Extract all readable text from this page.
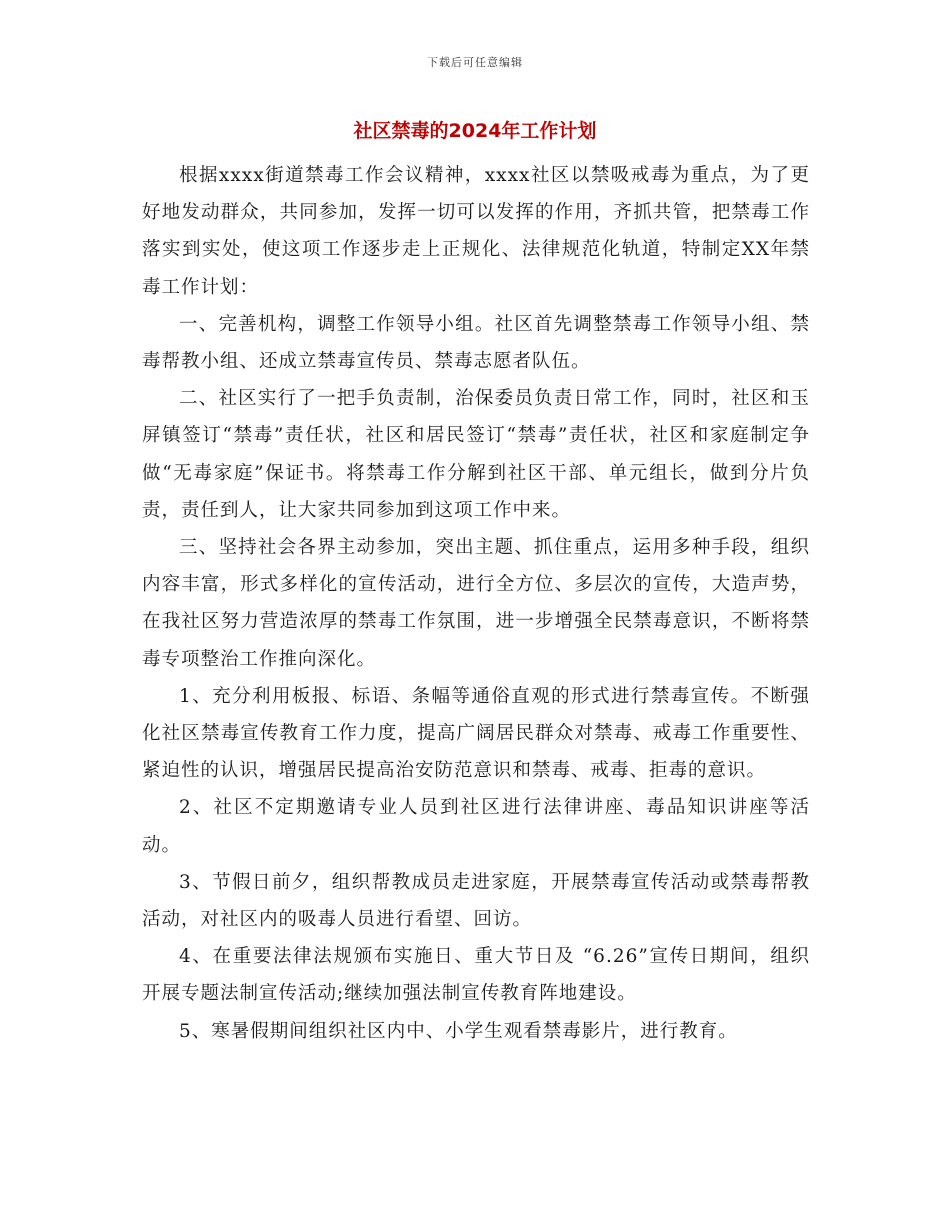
下载后可任意编辑
社区禁毒的2024年工作计划

根据xxxx街道禁毒工作会议精神，xxxx社区以禁吸戒毒为重点，为了更好地发动群众，共同参加，发挥一切可以发挥的作用，齐抓共管，把禁毒工作落实到实处，使这项工作逐步走上正规化、法律规范化轨道，特制定XX年禁毒工作计划：

一、完善机构，调整工作领导小组。社区首先调整禁毒工作领导小组、禁毒帮教小组、还成立禁毒宣传员、禁毒志愿者队伍。

二、社区实行了一把手负责制，治保委员负责日常工作，同时，社区和玉屏镇签订“禁毒”责任状，社区和居民签订“禁毒”责任状，社区和家庭制定争做“无毒家庭”保证书。将禁毒工作分解到社区干部、单元组长，做到分片负责，责任到人，让大家共同参加到这项工作中来。

三、坚持社会各界主动参加，突出主题、抓住重点，运用多种手段，组织内容丰富，形式多样化的宣传活动，进行全方位、多层次的宣传，大造声势，在我社区努力营造浓厚的禁毒工作氛围，进一步增强全民禁毒意识，不断将禁毒专项整治工作推向深化。

1、充分利用板报、标语、条幅等通俗直观的形式进行禁毒宣传。不断强化社区禁毒宣传教育工作力度，提高广阔居民群众对禁毒、戒毒工作重要性、紧迫性的认识，增强居民提高治安防范意识和禁毒、戒毒、拒毒的意识。

2、社区不定期邀请专业人员到社区进行法律讲座、毒品知识讲座等活动。

3、节假日前夕，组织帮教成员走进家庭，开展禁毒宣传活动或禁毒帮教活动，对社区内的吸毒人员进行看望、回访。

4、在重要法律法规颁布实施日、重大节日及 “6.26”宣传日期间，组织开展专题法制宣传活动;继续加强法制宣传教育阵地建设。

5、寒暑假期间组织社区内中、小学生观看禁毒影片，进行教育。
